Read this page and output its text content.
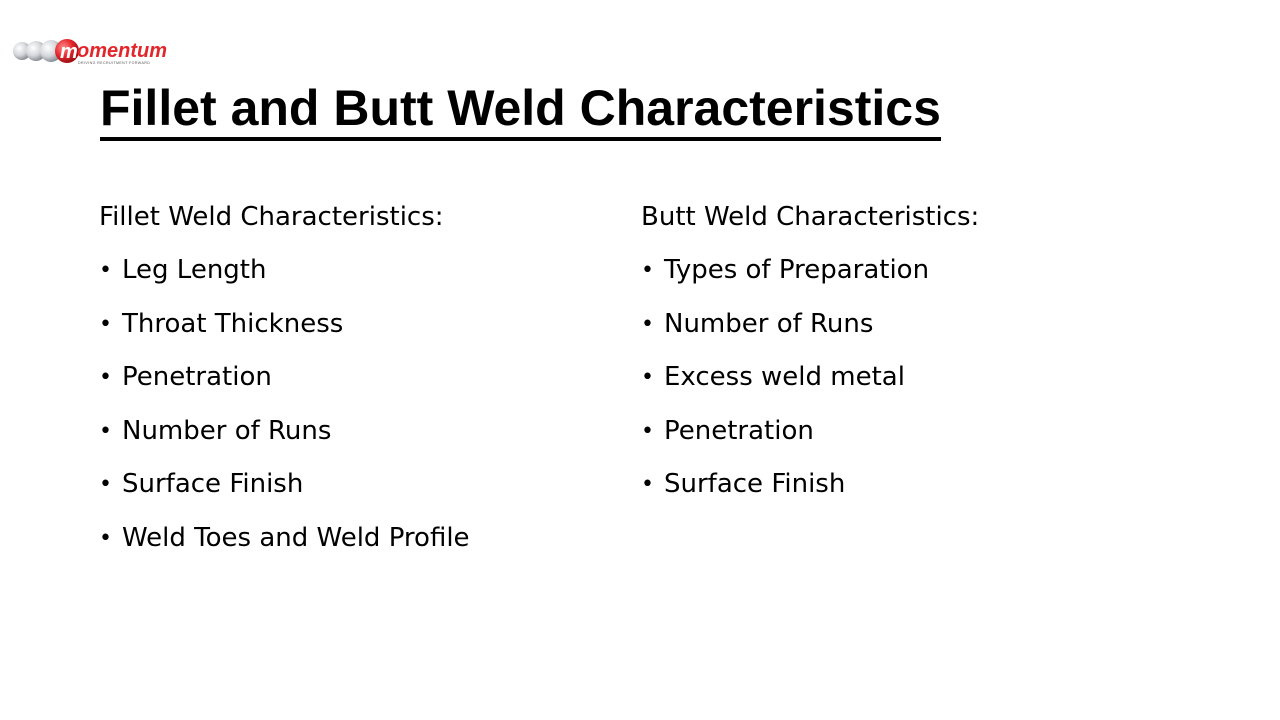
m omentum
DRIVING RECRUITMENT FORWARD
Fillet and Butt Weld Characteristics

Fillet Weld Characteristics:

• Leg Length
• Throat Thickness
• Penetration
• Number of Runs
• Surface Finish
• Weld Toes and Weld Profile

Butt Weld Characteristics:

• Types of Preparation
• Number of Runs
• Excess weld metal
• Penetration
• Surface Finish
